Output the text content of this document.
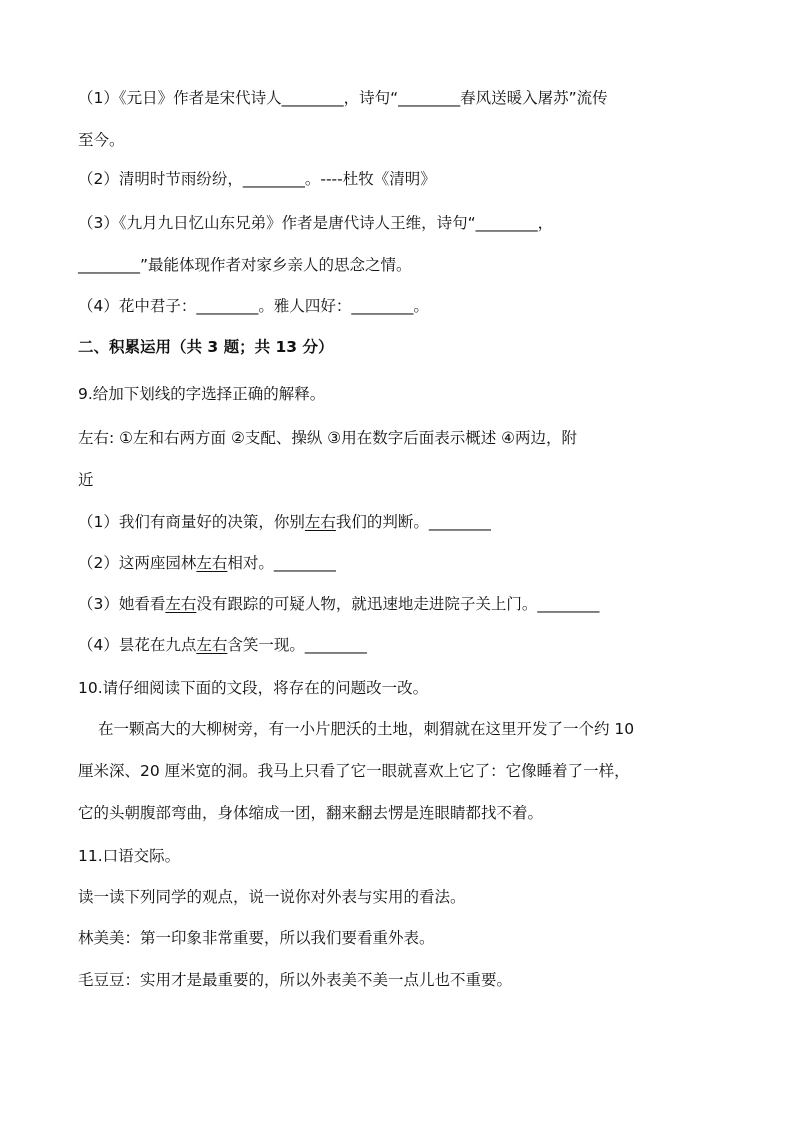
（1）《元日》作者是宋代诗人________，诗句“________春风送暖入屠苏”流传
至今。
（2）清明时节雨纷纷，________。----杜牧《清明》
（3）《九月九日忆山东兄弟》作者是唐代诗人王维，诗句“________，
________”最能体现作者对家乡亲人的思念之情。
（4）花中君子：________。雅人四好：________。
二、积累运用（共 3 题；共 13 分）
9.给加下划线的字选择正确的解释。
左右: ①左和右两方面 ②支配、操纵 ③用在数字后面表示概述 ④两边，附
近
（1）我们有商量好的决策，你别左右我们的判断。________
（2）这两座园林左右相对。________
（3）她看看左右没有跟踪的可疑人物，就迅速地走进院子关上门。________
（4）昙花在九点左右含笑一现。________
10.请仔细阅读下面的文段，将存在的问题改一改。
在一颗高大的大柳树旁，有一小片肥沃的土地，刺猬就在这里开发了一个约 10
厘米深、20 厘米宽的洞。我马上只看了它一眼就喜欢上它了：它像睡着了一样，
它的头朝腹部弯曲，身体缩成一团，翻来翻去愣是连眼睛都找不着。
11.口语交际。
读一读下列同学的观点，说一说你对外表与实用的看法。
林美美：第一印象非常重要，所以我们要看重外表。
毛豆豆：实用才是最重要的，所以外表美不美一点儿也不重要。
